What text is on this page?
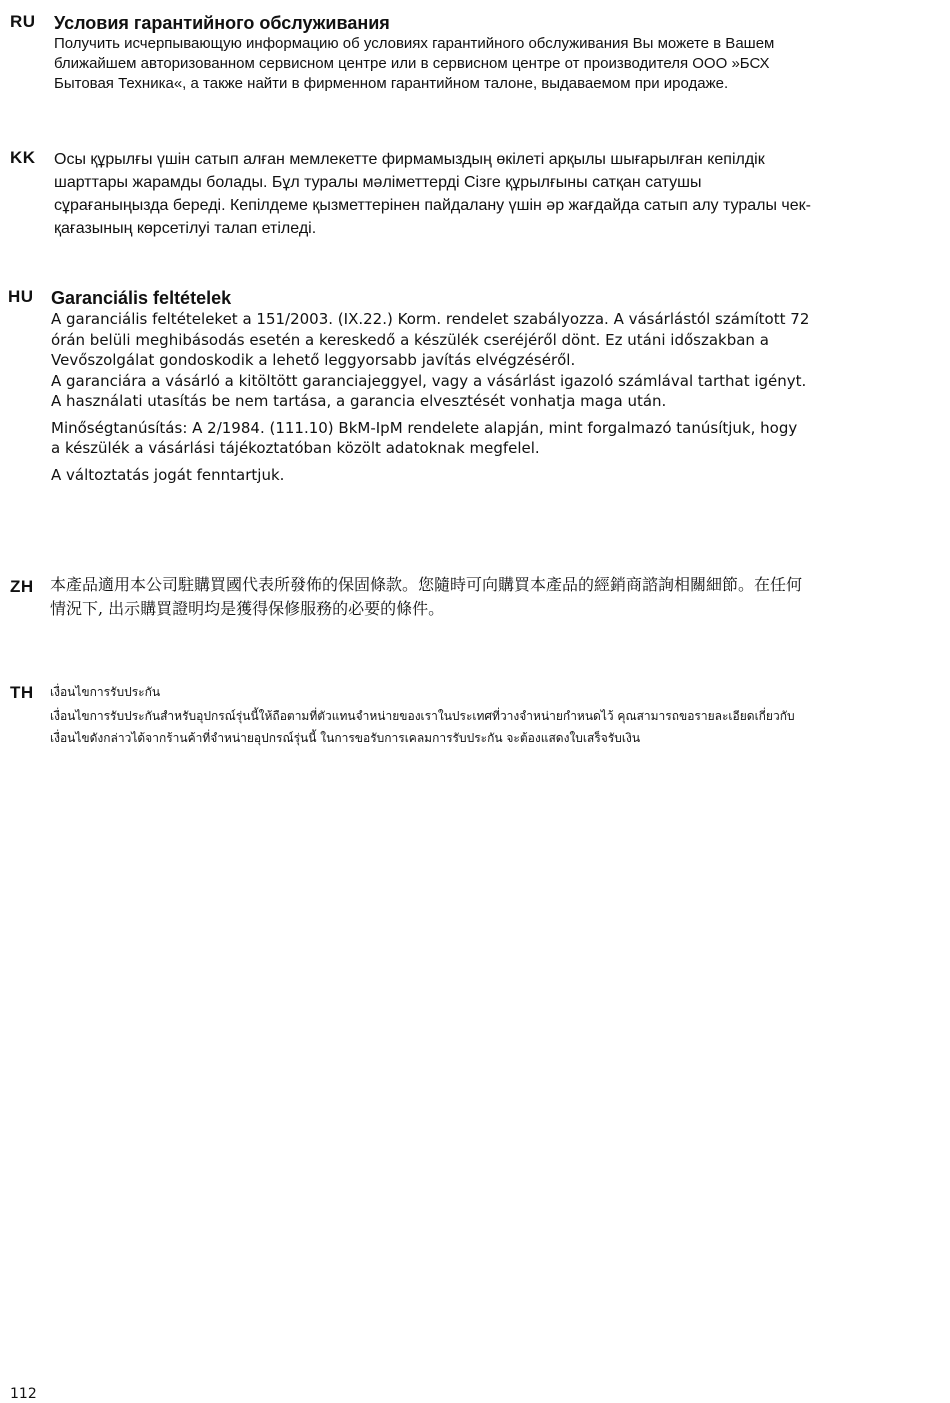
RU Условия гарантийного обслуживания

Получить исчерпывающую информацию об условиях гарантийного обслуживания Вы можете в Вашем ближайшем авторизованном сервисном центре или в сервисном центре от производителя ООО »БСХ Бытовая Техника«, а также найти в фирменном гарантийном талоне, выдаваемом при иродаже.

KK Осы құрылғы үшін сатып алған мемлекетте фирмамыздың өкілеті арқылы шығарылған кепілдік шарттары жарамды болады. Бұл туралы мәліметтерді Сізге құрылғыны сатқан сатушы сұрағаныңызда береді. Кепілдеме қызметтерінен пайдалану үшін әр жағдайда сатып алу туралы чек-қағазының көрсетілуі талап етіледі.

HU Garanciális feltételek

A garanciális feltételeket a 151/2003. (IX.22.) Korm. rendelet szabályozza. A vásárlástól számított 72 órán belüli meghibásodás esetén a kereskedő a készülék cseréjéről dönt. Ez utáni időszakban a Vevőszolgálat gondoskodik a lehető leggyorsabb javítás elvégzéséről.

A garanciára a vásárló a kitöltött garanciajeggyel, vagy a vásárlást igazoló számlával tarthat igényt. A használati utasítás be nem tartása, a garancia elvesztését vonhatja maga után.

Minőségtanúsítás: A 2/1984. (111.10) BkM-IpM rendelete alapján, mint forgalmazó tanúsítjuk, hogy a készülék a vásárlási tájékoztatóban közölt adatoknak megfelel.

A változtatás jogát fenntartjuk.

ZH 本產品適用本公司駐購買國代表所發佈的保固條款。您隨時可向購買本產品的經銷商諮詢相關細節。在任何情況下, 出示購買證明均是獲得保修服務的必要的條件。

TH เงื่อนไขการรับประกัน

เงื่อนไขการรับประกันสำหรับอุปกรณ์รุ่นนี้ให้ถือตามที่ตัวแทนจำหน่ายของเราในประเทศที่วางจำหน่ายกำหนดไว้ คุณสามารถขอรายละเอียดเกี่ยวกับเงื่อนไขดังกล่าวได้จากร้านค้าที่จำหน่ายอุปกรณ์รุ่นนี้ ในการขอรับการเคลมการรับประกัน จะต้องแสดงใบเสร็จรับเงิน

112
